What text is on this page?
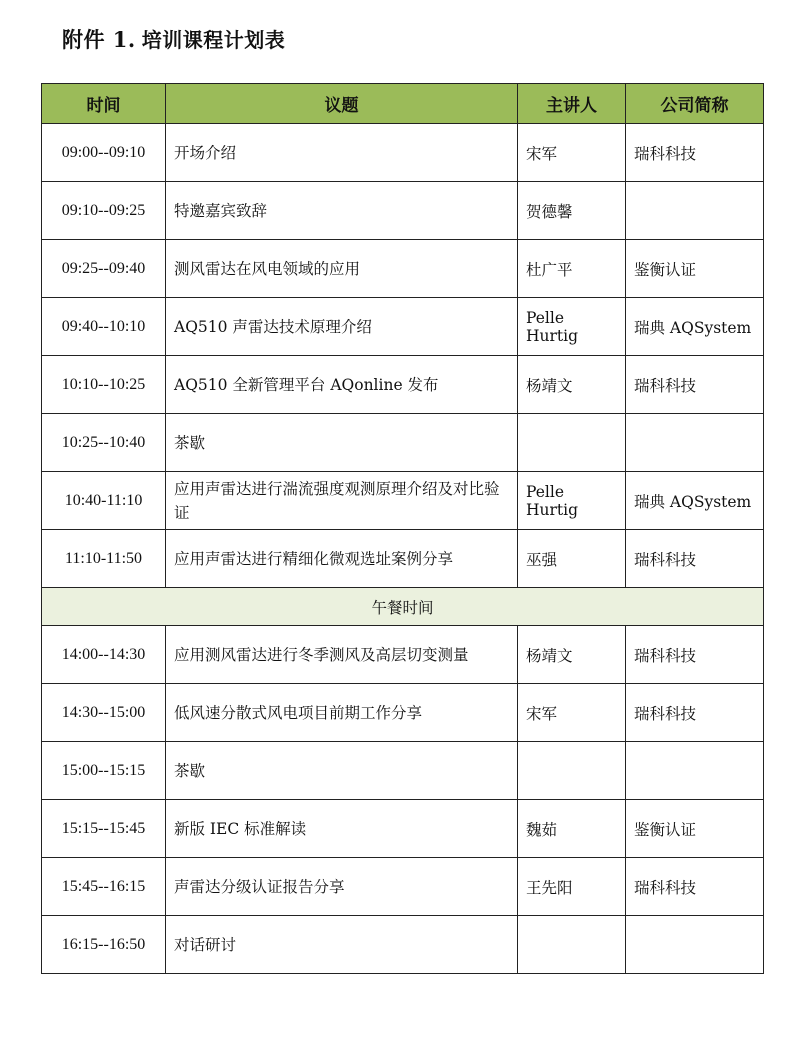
附件 1. 培训课程计划表
时间	议题	主讲人	公司简称
09:00--09:10	开场介绍	宋军	瑞科科技
09:10--09:25	特邀嘉宾致辞	贺德馨	
09:25--09:40	测风雷达在风电领域的应用	杜广平	鉴衡认证
09:40--10:10	AQ510 声雷达技术原理介绍	Pelle Hurtig	瑞典 AQSystem
10:10--10:25	AQ510 全新管理平台 AQonline 发布	杨靖文	瑞科科技
10:25--10:40	茶歇		
10:40-11:10	应用声雷达进行湍流强度观测原理介绍及对比验证	Pelle Hurtig	瑞典 AQSystem
11:10-11:50	应用声雷达进行精细化微观选址案例分享	巫强	瑞科科技
午餐时间			
14:00--14:30	应用测风雷达进行冬季测风及高层切变测量	杨靖文	瑞科科技
14:30--15:00	低风速分散式风电项目前期工作分享	宋军	瑞科科技
15:00--15:15	茶歇		
15:15--15:45	新版 IEC 标准解读	魏茹	鉴衡认证
15:45--16:15	声雷达分级认证报告分享	王先阳	瑞科科技
16:15--16:50	对话研讨		
